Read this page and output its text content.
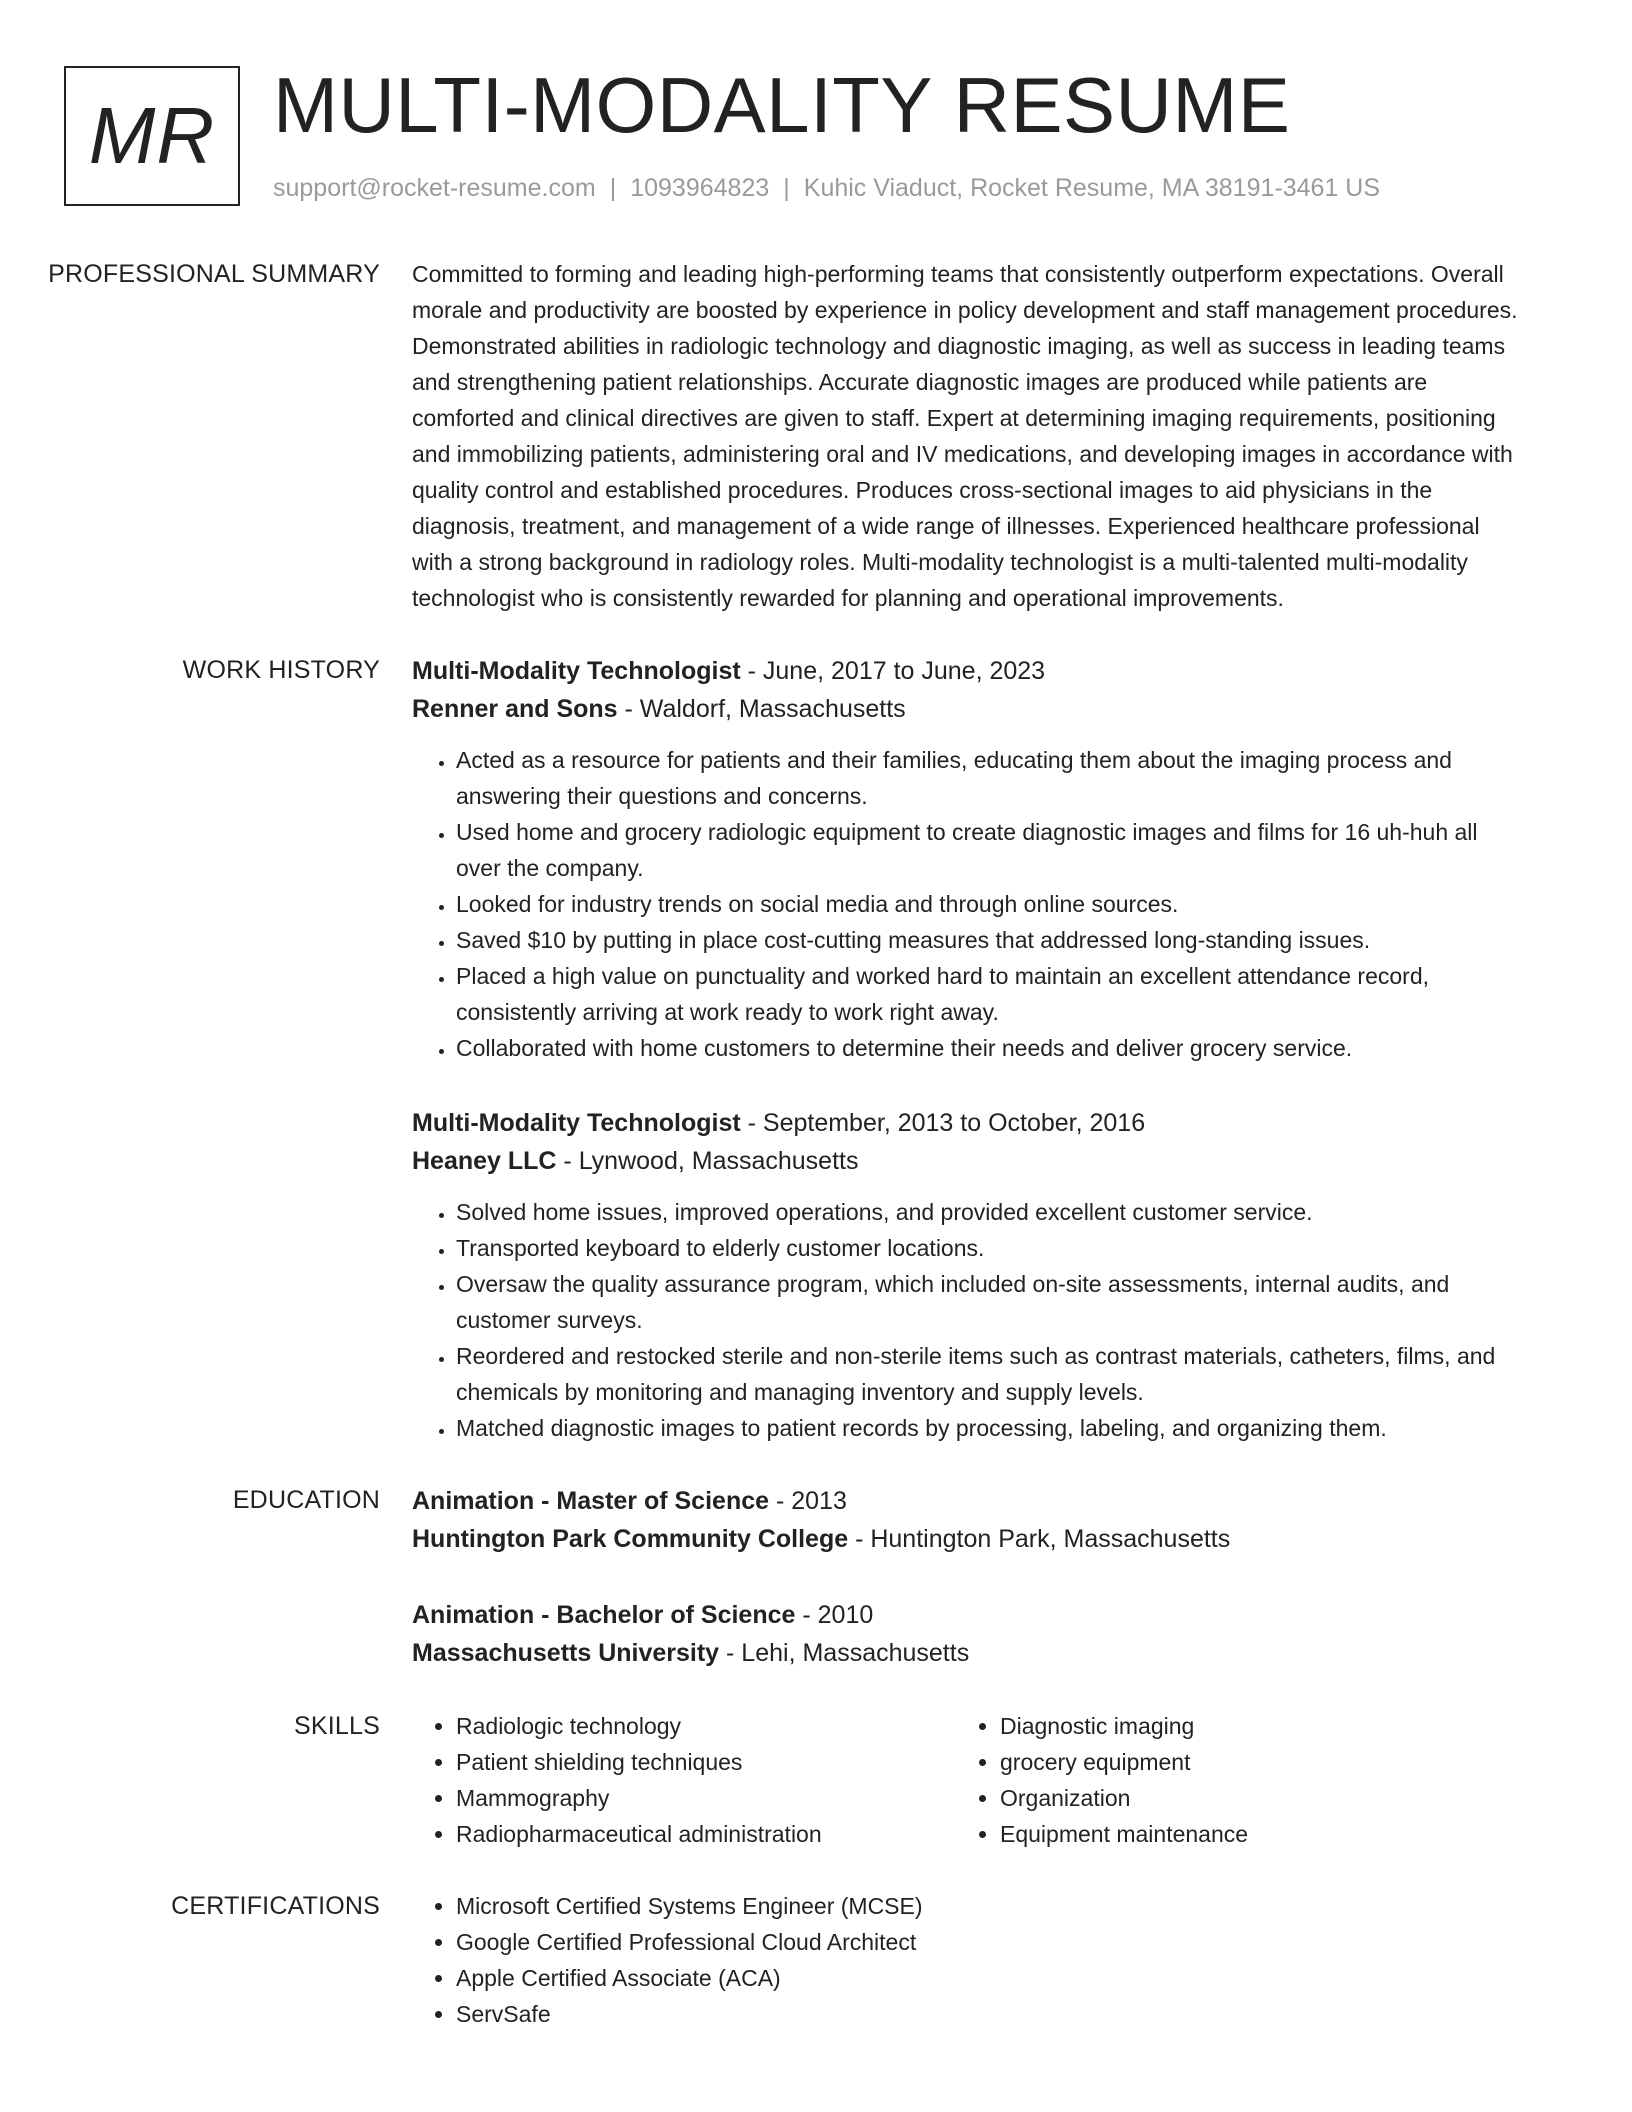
MR MULTI-MODALITY RESUME
support@rocket-resume.com | 1093964823 | Kuhic Viaduct, Rocket Resume, MA 38191-3461 US
PROFESSIONAL SUMMARY	Committed to forming and leading high-performing teams that consistently outperform expectations. Overall morale and productivity are boosted by experience in policy development and staff management procedures. Demonstrated abilities in radiologic technology and diagnostic imaging, as well as success in leading teams and strengthening patient relationships. Accurate diagnostic images are produced while patients are comforted and clinical directives are given to staff. Expert at determining imaging requirements, positioning and immobilizing patients, administering oral and IV medications, and developing images in accordance with quality control and established procedures. Produces cross-sectional images to aid physicians in the diagnosis, treatment, and management of a wide range of illnesses. Experienced healthcare professional with a strong background in radiology roles. Multi-modality technologist is a multi-talented multi-modality technologist who is consistently rewarded for planning and operational improvements.

WORK HISTORY	Multi-Modality Technologist - June, 2017 to June, 2023
Renner and Sons - Waldorf, Massachusetts
• Acted as a resource for patients and their families, educating them about the imaging process and answering their questions and concerns.
• Used home and grocery radiologic equipment to create diagnostic images and films for 16 uh-huh all over the company.
• Looked for industry trends on social media and through online sources.
• Saved $10 by putting in place cost-cutting measures that addressed long-standing issues.
• Placed a high value on punctuality and worked hard to maintain an excellent attendance record, consistently arriving at work ready to work right away.
• Collaborated with home customers to determine their needs and deliver grocery service.
Multi-Modality Technologist - September, 2013 to October, 2016
Heaney LLC - Lynwood, Massachusetts
• Solved home issues, improved operations, and provided excellent customer service.
• Transported keyboard to elderly customer locations.
• Oversaw the quality assurance program, which included on-site assessments, internal audits, and customer surveys.
• Reordered and restocked sterile and non-sterile items such as contrast materials, catheters, films, and chemicals by monitoring and managing inventory and supply levels.
• Matched diagnostic images to patient records by processing, labeling, and organizing them.
EDUCATION	Animation - Master of Science - 2013
Huntington Park Community College - Huntington Park, Massachusetts
Animation - Bachelor of Science - 2010
Massachusetts University - Lehi, Massachusetts
SKILLS	• Radiologic technology
• Patient shielding techniques
• Mammography
• Radiopharmaceutical administration
• Diagnostic imaging
• grocery equipment
• Organization
• Equipment maintenance
CERTIFICATIONS	• Microsoft Certified Systems Engineer (MCSE)
• Google Certified Professional Cloud Architect
• Apple Certified Associate (ACA)
• ServSafe
